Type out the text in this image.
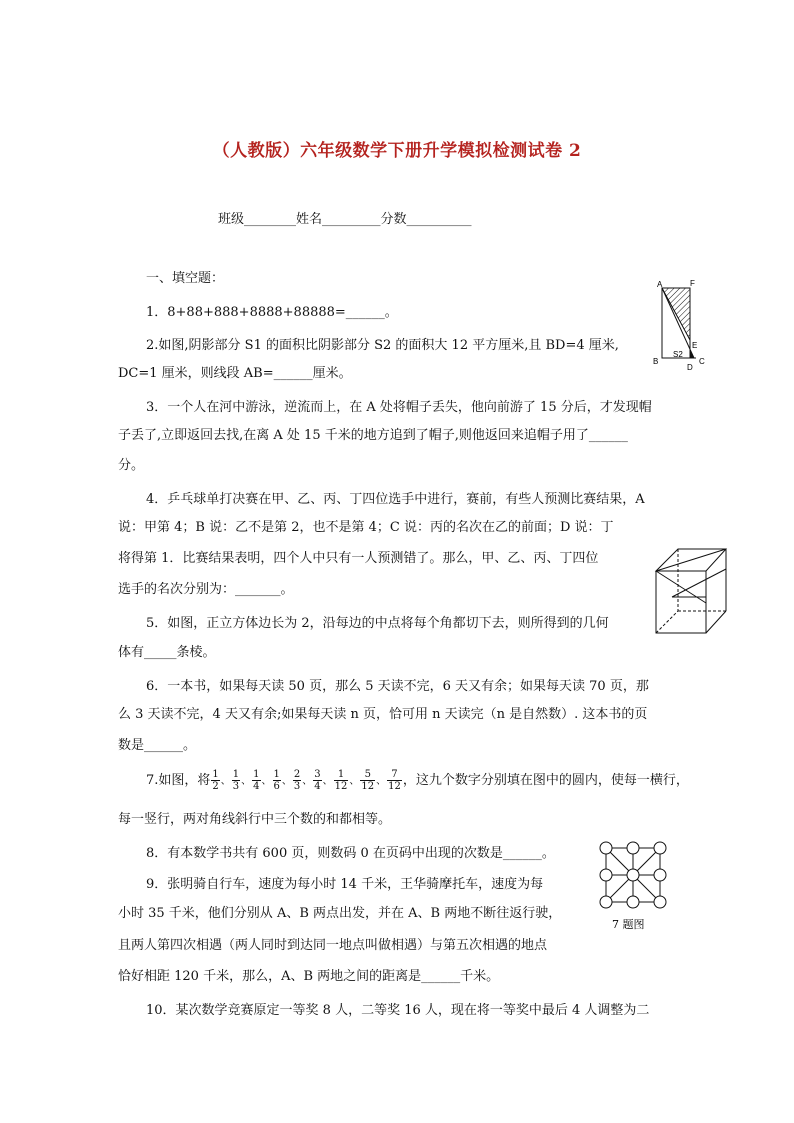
（人教版）六年级数学下册升学模拟检测试卷 2
班级________姓名_________分数__________
一、填空题：
1．8+88+888+8888+88888=______。
2.如图,阴影部分 S1 的面积比阴影部分 S2 的面积大 12 平方厘米,且 BD=4 厘米,
DC=1 厘米，则线段 AB=______厘米。
3．一个人在河中游泳，逆流而上，在 A 处将帽子丢失，他向前游了 15 分后，才发现帽
子丢了,立即返回去找,在离 A 处 15 千米的地方追到了帽子,则他返回来追帽子用了______
分。
4．乒乓球单打决赛在甲、乙、丙、丁四位选手中进行，赛前，有些人预测比赛结果，A
说：甲第 4；B 说：乙不是第 2，也不是第 4；C 说：丙的名次在乙的前面；D 说：丁
将得第 1．比赛结果表明，四个人中只有一人预测错了。那么，甲、乙、丙、丁四位
选手的名次分别为：_______。
5．如图，正立方体边长为 2，沿每边的中点将每个角都切下去，则所得到的几何
体有_____条棱。
6．一本书，如果每天读 50 页，那么 5 天读不完，6 天又有余；如果每天读 70 页，那
么 3 天读不完，4 天又有余;如果每天读 n 页，恰可用 n 天读完（n 是自然数）. 这本书的页
数是______。
7.如图，将 $\frac{1}{2}$ 、 $\frac{1}{3}$ 、 $\frac{1}{4}$ 、 $\frac{1}{6}$ 、 $\frac{2}{3}$ 、 $\frac{3}{4}$ 、 $\frac{1}{12}$ 、 $\frac{5}{12}$ 、 $\frac{7}{12}$ ，这九个数字分别填在图中的圆内，使每一横行，
每一竖行，两对角线斜行中三个数的和都相等。
8．有本数学书共有 600 页，则数码 0 在页码中出现的次数是______。
9．张明骑自行车，速度为每小时 14 千米，王华骑摩托车，速度为每
小时 35 千米，他们分别从 A、B 两点出发，并在 A、B 两地不断往返行驶，
且两人第四次相遇（两人同时到达同一地点叫做相遇）与第五次相遇的地点
恰好相距 120 千米，那么，A、B 两地之间的距离是______千米。
10．某次数学竞赛原定一等奖 8 人，二等奖 16 人，现在将一等奖中最后 4 人调整为二
A	F
B
D
C
E
S2
7 题图
